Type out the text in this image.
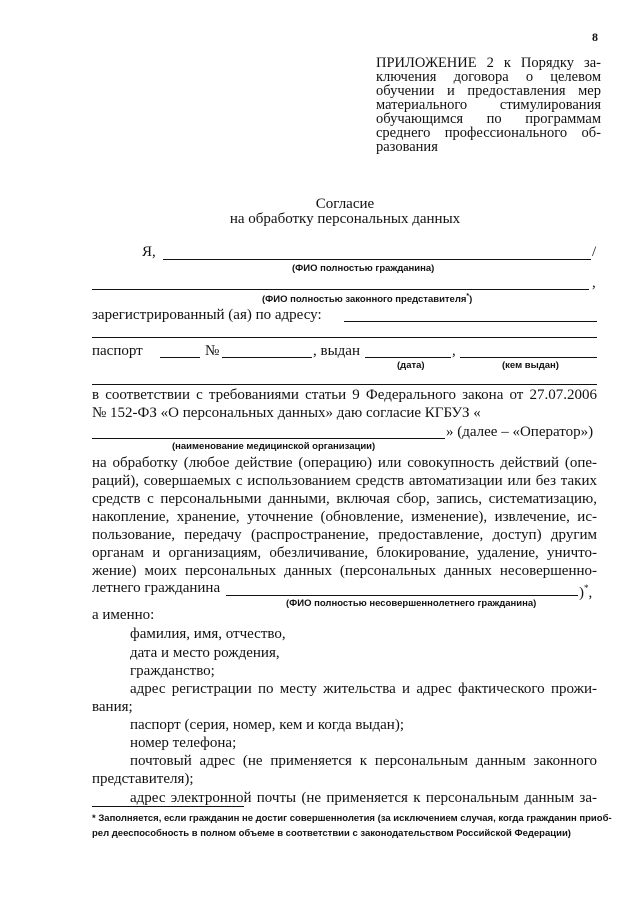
8
ПРИЛОЖЕНИЕ 2 к Порядку за-
ключения договора о целевом
обучении и предоставления мер
материального стимулирования
обучающимся по программам
среднего профессионального об-
разования
Согласие
на обработку персональных данных
Я,	/
(ФИО полностью гражданина)
,
(ФИО полностью законного представителя*)
зарегистрированный (ая) по адресу:
паспорт	№	, выдан	,
(дата)	(кем выдан)
в соответствии с требованиями статьи 9 Федерального закона от 27.07.2006
№ 152-ФЗ «О персональных данных» даю согласие КГБУЗ «
» (далее – «Оператор»)
(наименование медицинской организации)
на обработку (любое действие (операцию) или совокупность действий (опе-
раций), совершаемых с использованием средств автоматизации или без таких
средств с персональными данными, включая сбор, запись, систематизацию,
накопление, хранение, уточнение (обновление, изменение), извлечение, ис-
пользование, передачу (распространение, предоставление, доступ) другим
органам и организациям, обезличивание, блокирование, удаление, уничто-
жение) моих персональных данных (персональных данных несовершенно-
летнего гражданина	)*,
(ФИО полностью несовершеннолетнего гражданина)
а именно:
фамилия, имя, отчество,
дата и место рождения,
гражданство;
адрес регистрации по месту жительства и адрес фактического прожи-
вания;
паспорт (серия, номер, кем и когда выдан);
номер телефона;
почтовый адрес (не применяется к персональным данным законного
представителя);
адрес электронной почты (не применяется к персональным данным за-
* Заполняется, если гражданин не достиг совершеннолетия (за исключением случая, когда гражданин приоб-
рел дееспособность в полном объеме в соответствии с законодательством Российской Федерации)
